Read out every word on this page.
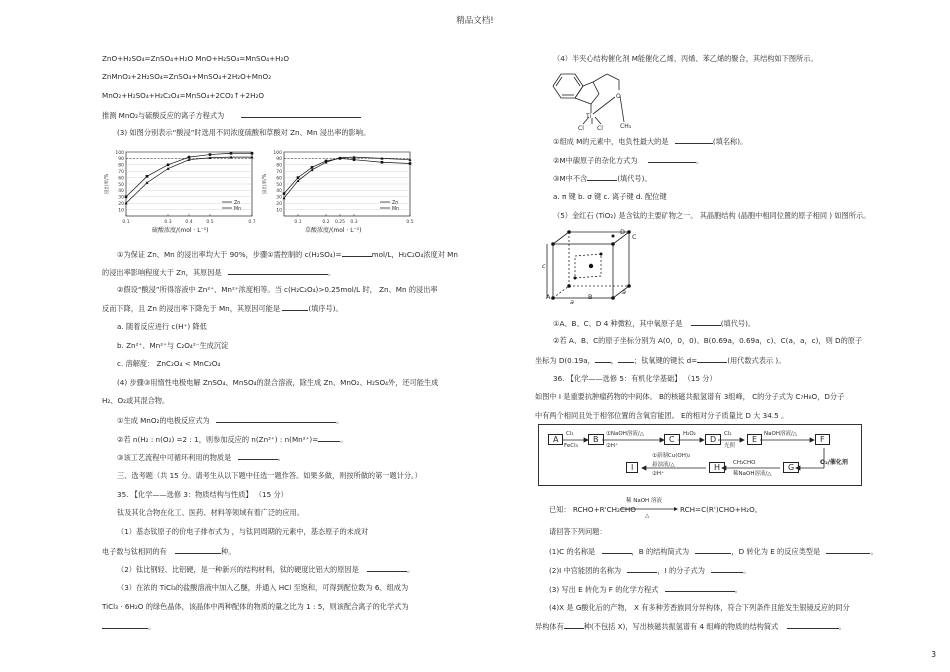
精品文档!
ZnO+H₂SO₄=ZnSO₄+H₂O MnO+H₂SO₄=MnSO₄+H₂O
ZnMnO₃+2H₂SO₄=ZnSO₄+MnSO₄+2H₂O+MnO₂
MnO₂+H₂SO₄+H₂C₂O₄=MnSO₄+2CO₂↑+2H₂O
推测 MnO₂与硫酸反应的离子方程式为
(3) 如图分别表示“酸浸”时选用不同浓度硫酸和草酸对 Zn、Mn 浸出率的影响。
10
20
30
40
50
60
70
80
90
100
0.1	0.3	0.4	0.5	0.7
浸出率/%
Zn
Mn
硫酸浓度/(mol · L⁻¹)
10
20
30
40
50
60
70
80
90
100
0.1	0.2 0.25 0.3	0.5
浸出率/%
Zn
Mn
草酸浓度/(mol · L⁻¹)
①为保证 Zn、Mn 的浸出率均大于 90%，步骤①需控制的 c(H₂SO₄)=	mol/L，H₂C₂O₄浓度对 Mn
的浸出率影响程度大于 Zn，其原因是	。
②假设“酸浸”所得溶液中 Zn²⁺、Mn²⁺浓度相等。当 c(H₂C₂O₄)>0.25mol/L 时， Zn、Mn 的浸出率
反而下降，且 Zn 的浸出率下降先于 Mn，其原因可能是	(填序号)。
a. 随着反应进行 c(H⁺) 降低
b. Zn²⁺、Mn²⁺与 C₂O₄²⁻生成沉淀
c. 溶解度： ZnC₂O₄ < MnC₂O₄
(4) 步骤③用惰性电极电解 ZnSO₄、MnSO₄的混合溶液，除生成 Zn、MnO₂、H₂SO₄外，还可能生成
H₂、O₂或其混合物。
①生成 MnO₂的电极反应式为	。
②若 n(H₂ : n(O₂) =2 : 1，则参加反应的 n(Zn²⁺) : n(Mn²⁺)=	。
③该工艺流程中可循环利用的物质是	。
三、选考题（共 15 分。请考生从以下题中任选一题作答。如果多做，则按所做的第一题计分。）
35. 【化学——选修 3：物质结构与性质】 （15 分）
钛及其化合物在化工、医药、材料等领域有着广泛的应用。
（1）基态钛原子的价电子排布式为 ，与钛同周期的元素中，基态原子的未成对
电子数与钛相同的有	种。
（2）钛比钢轻、比铝硬，是一种新兴的结构材料，钛的硬度比铝大的原因是	。
（3）在浓的 TiCl₃的盐酸溶液中加入乙醚，并通入 HCl 至饱和，可得到配位数为 6、组成为
TiCl₃ · 6H₂O 的绿色晶体，该晶体中两种配体的物质的量之比为 1 : 5，则该配合离子的化学式为
。
（4）半夹心结构催化剂 M能催化乙烯、丙烯、苯乙烯的聚合，其结构如下图所示。
Ti
Cl Cl
O
CH₃
①组成 M的元素中，电负性最大的是	(填名称)。
②M中碳原子的杂化方式为	。
③M中不含	(填代号)。
a. π 键 b. σ 键 c. 离子键 d. 配位键
（5）金红石 (TiO₂) 是含钛的主要矿物之一。 其晶胞结构 (晶胞中相同位置的原子相同 ) 如图所示。
A	B
C
D
a
a
c
①A、B、C、D 4 种微粒，其中氧原子是	(填代号)。
②若 A、B、C的原子坐标分别为 A(0，0，0)、B(0.69a，0.69a，c)、C(a，a，c)，则 D的原子
坐标为 D(0.19a， ， ；钛氧键的键长 d=	(用代数式表示 )。
36. 【化学——选修 5：有机化学基础】 （15 分）
如图中 I 是重要抗肿瘤药物的中间体。 B的核磁共振氢谱有 3组峰， C的分子式为 C₇H₈O，D分子
中有两个相同且处于相邻位置的含氧官能团。 E的相对分子质量比 D 大 34.5 。
A	B	C	D	E	F
G
H
I
Cl₂
FeCl₃
①NaOH溶液/△
②H⁺
H₂O₂	Cl₂
光照
NaOH溶液/△
O₂/催化剂
CH₃CHO
稀NaOH溶液/△
①新制Cu(OH)₂
悬浊液/△
②H⁺
已知： RCHO+R'CH₂CHO
稀 NaOH 溶液
△
RCH=C(R')CHO+H₂O。
请回答下列问题：
(1)C 的名称是	，B 的结构简式为	，D 转化为 E 的反应类型是	。
(2)I 中官能团的名称为	，I 的分子式为	。
(3) 写出 E 转化为 F 的化学方程式	。
(4)X 是 G酸化后的产物， X 有多种芳香族同分异构体，符合下列条件且能发生银镜反应的同分
异构体有	种(不包括 X)，写出核磁共振氢谱有 4 组峰的物质的结构简式	。
3
